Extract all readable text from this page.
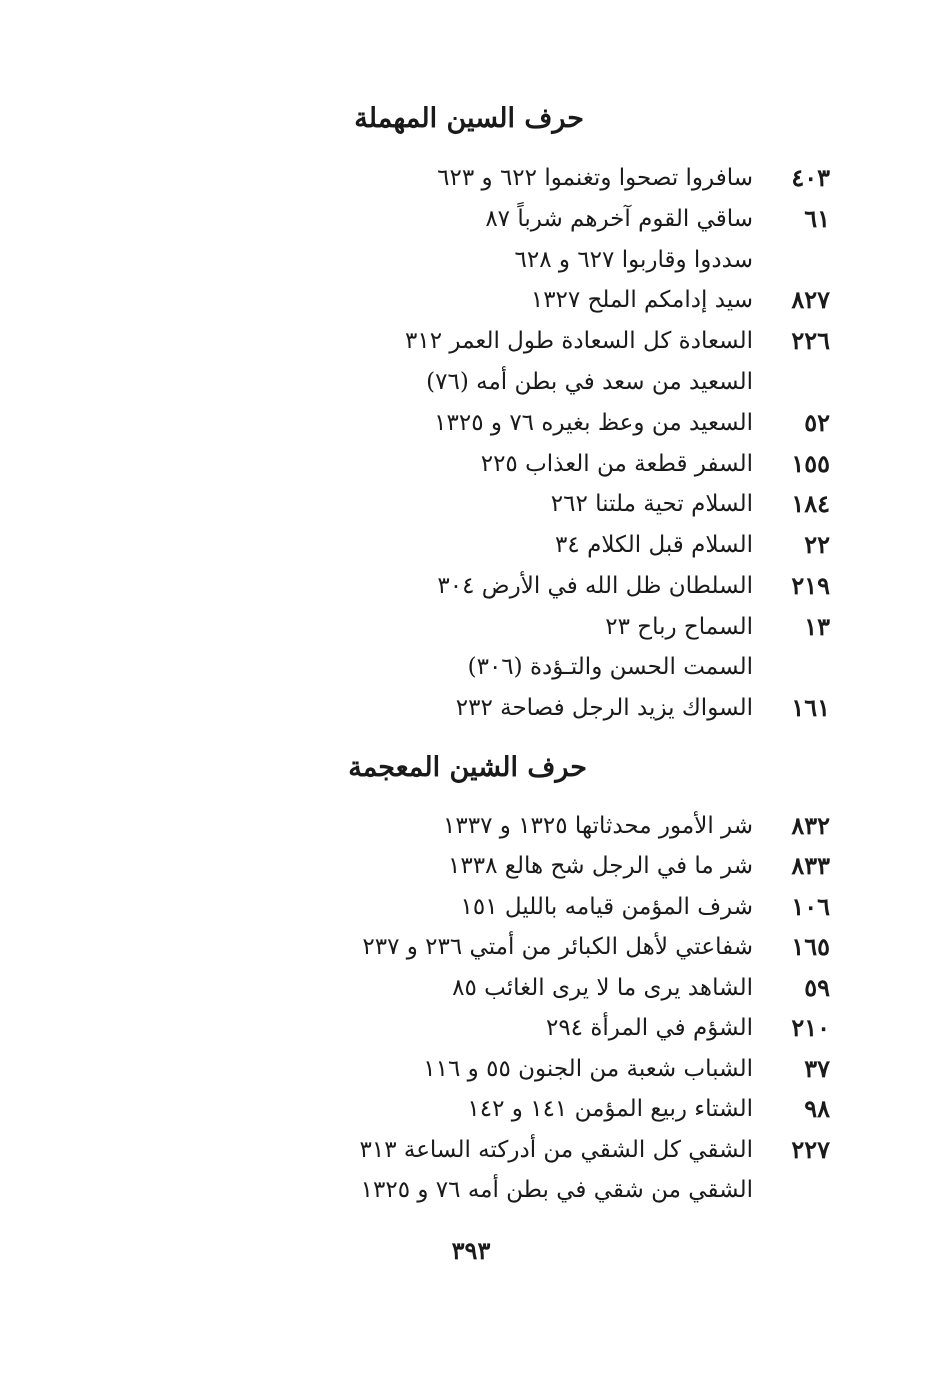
حرف السين المهملة
٤٠٣
سافروا تصحوا وتغنموا ٦٢٢ و ٦٢٣
٦١
ساقي القوم آخرهم شرباً ٨٧
سددوا وقاربوا ٦٢٧ و ٦٢٨
٨٢٧
سيد إدامكم الملح ١٣٢٧
٢٢٦
السعادة كل السعادة طول العمر ٣١٢
السعيد من سعد في بطن أمه (٧٦)
٥٢
السعيد من وعظ بغيره ٧٦ و ١٣٢٥
١٥٥
السفر قطعة من العذاب ٢٢٥
١٨٤
السلام تحية ملتنا ٢٦٢
٢٢
السلام قبل الكلام ٣٤
٢١٩
السلطان ظل الله في الأرض ٣٠٤
١٣
السماح رباح ٢٣
السمت الحسن والتـؤدة (٣٠٦)
١٦١
السواك يزيد الرجل فصاحة ٢٣٢
حرف الشين المعجمة
٨٣٢
شر الأمور محدثاتها ١٣٢٥ و ١٣٣٧
٨٣٣
شر ما في الرجل شح هالع ١٣٣٨
١٠٦
شرف المؤمن قيامه بالليل ١٥١
١٦٥
شفاعتي لأهل الكبائر من أمتي ٢٣٦ و ٢٣٧
٥٩
الشاهد يرى ما لا يرى الغائب ٨٥
٢١٠
الشؤم في المرأة ٢٩٤
٣٧
الشباب شعبة من الجنون ٥٥ و ١١٦
٩٨
الشتاء ربيع المؤمن ١٤١ و ١٤٢
٢٢٧
الشقي كل الشقي من أدركته الساعة ٣١٣
الشقي من شقي في بطن أمه ٧٦ و ١٣٢٥
٣٩٣
